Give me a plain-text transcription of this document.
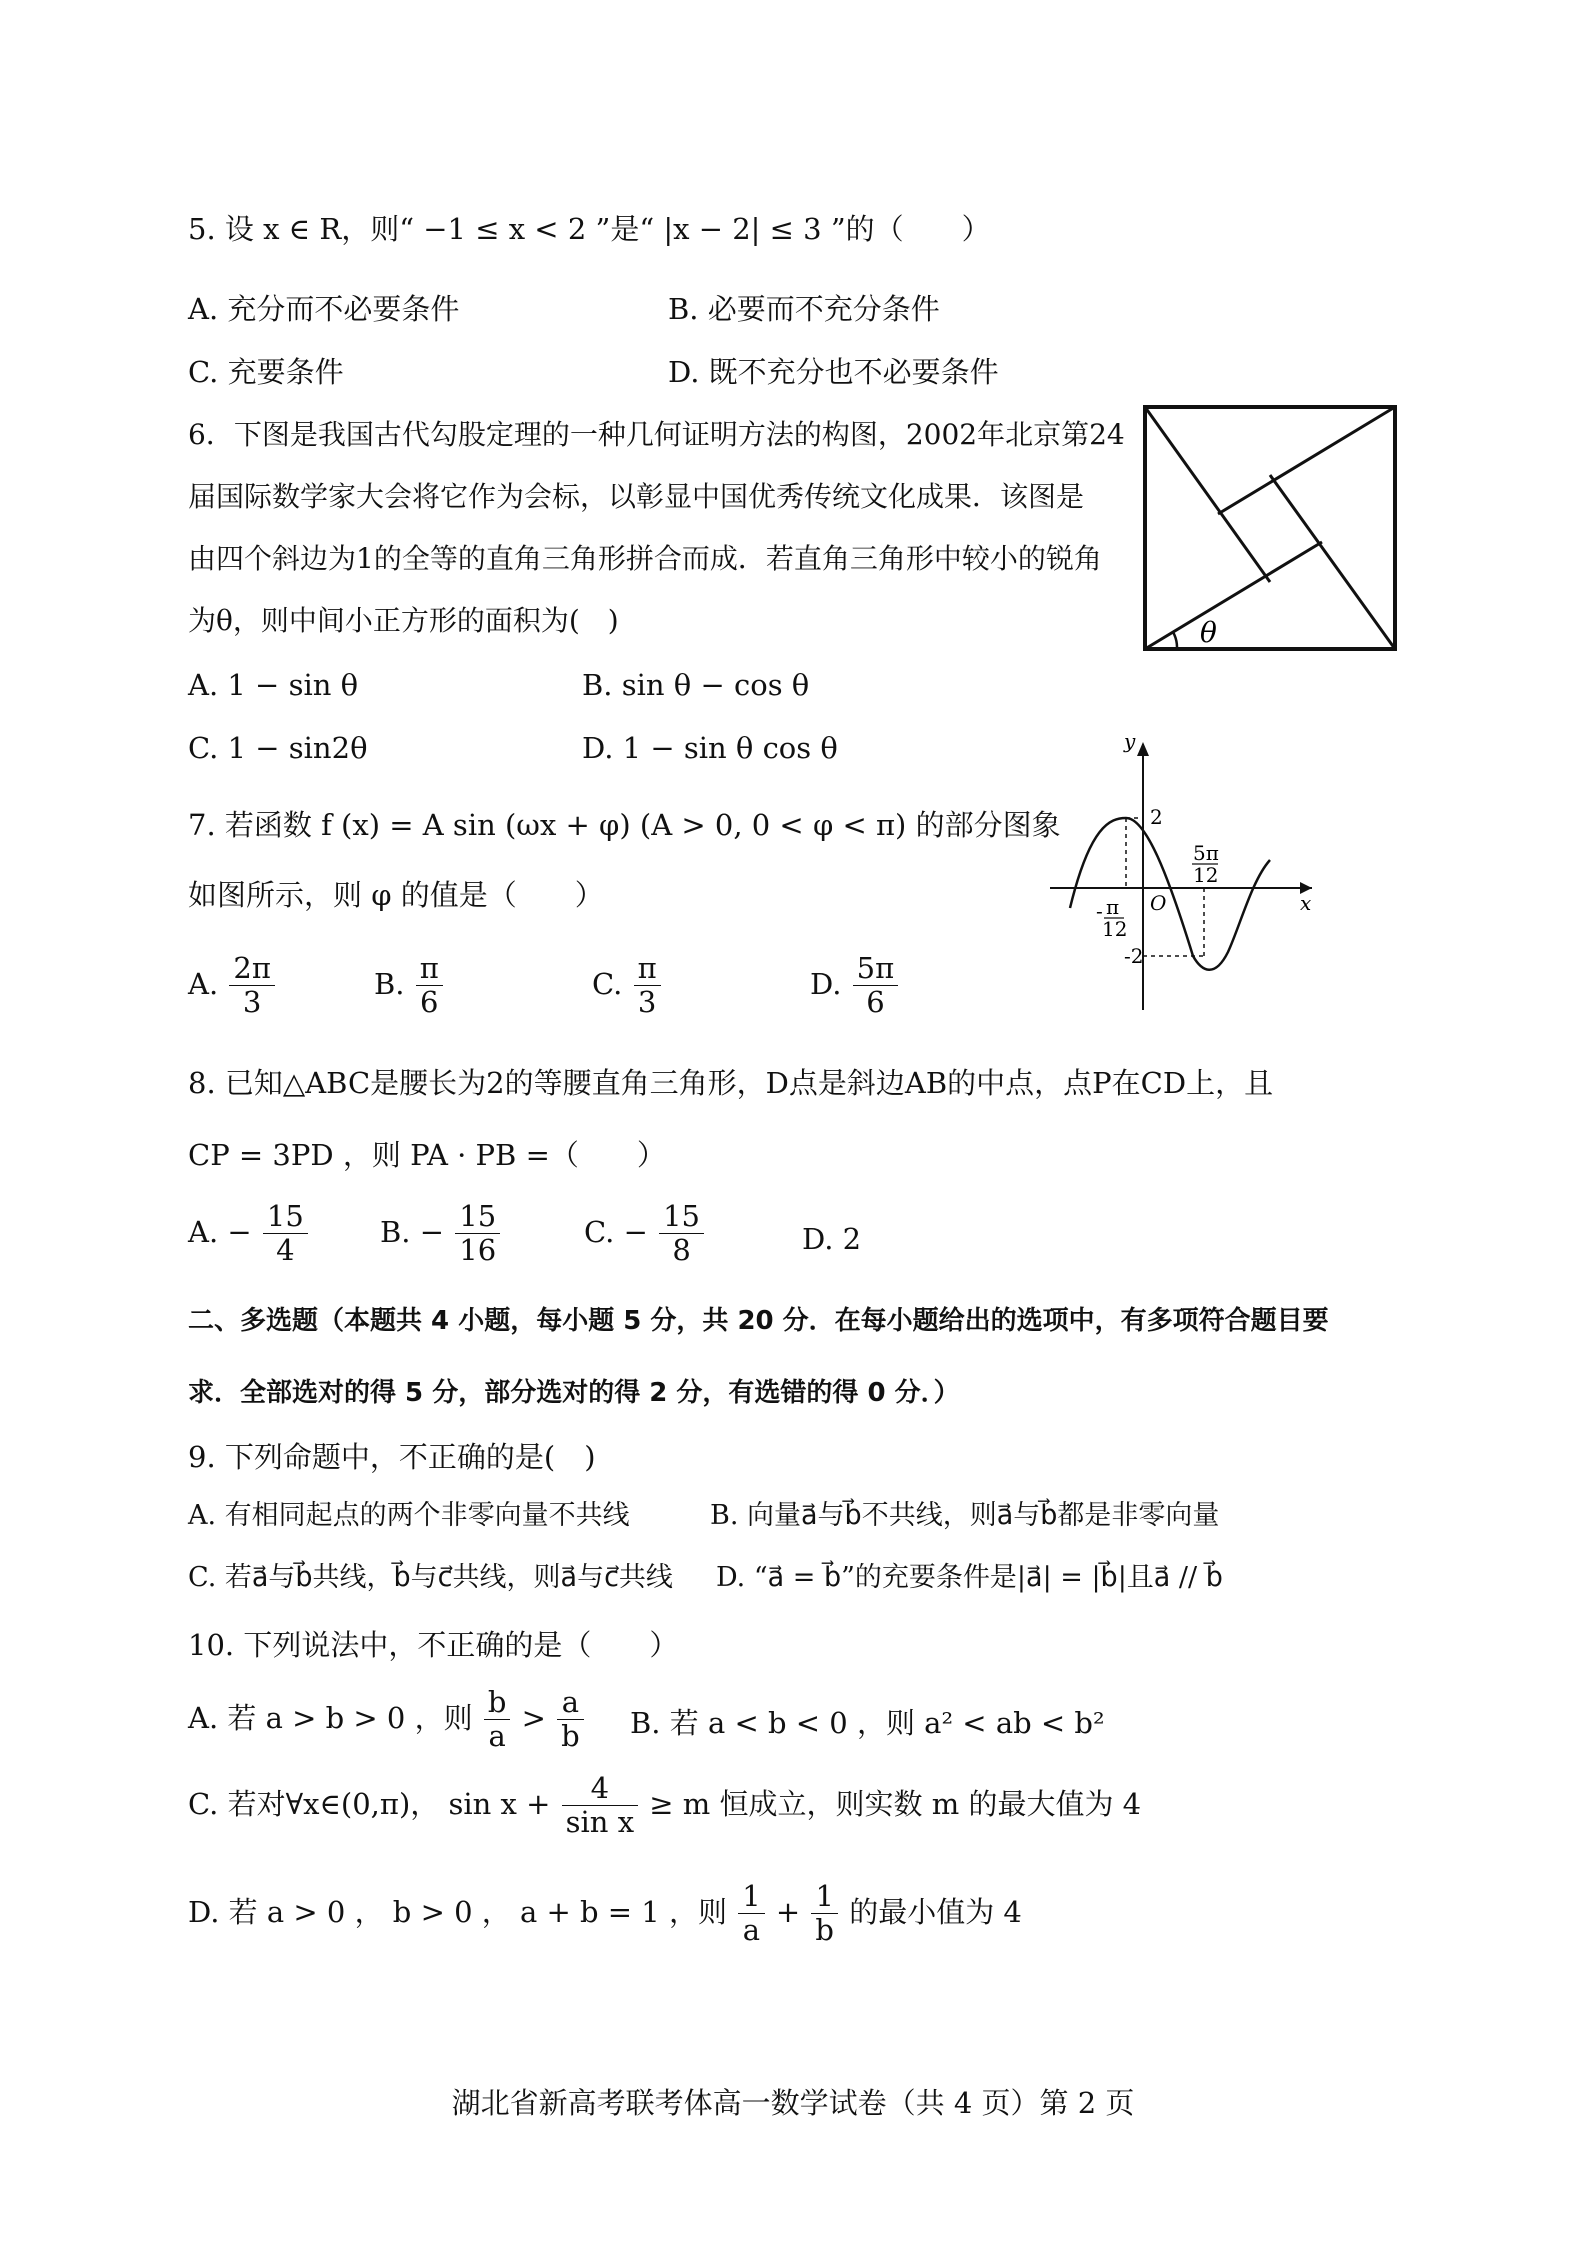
5. 设 x ∈ R，则“ −1 ≤ x < 2 ”是“ |x − 2| ≤ 3 ”的（　　）
A. 充分而不必要条件	B. 必要而不充分条件
C. 充要条件	D. 既不充分也不必要条件
6．下图是我国古代勾股定理的一种几何证明方法的构图，2002年北京第24
届国际数学家大会将它作为会标，以彰显中国优秀传统文化成果．该图是
由四个斜边为1的全等的直角三角形拼合而成．若直角三角形中较小的锐角
为θ，则中间小正方形的面积为(　)	θ
A. 1 − sin θ	B. sin θ − cos θ
C. 1 − sin2θ	D. 1 − sin θ cos θ
7. 若函数 f (x) = A sin (ωx + φ) (A > 0, 0 < φ < π) 的部分图象
如图所示，则 φ 的值是（　　）
y
x
O
2
-2
- π
12
5π
12
A. $\frac{2\pi}{3}$	B. $\frac{\pi}{6}$	C. $\frac{\pi}{3}$	D. $\frac{5\pi}{6}$
8. 已知△ABC是腰长为2的等腰直角三角形，D点是斜边AB的中点，点P在CD上，且
CP = 3PD ，则 PA · PB =（　　）
A. − $\frac{15}{4} B$. − $\frac{15}{16}$	C. − $\frac{15}{8}$	D. 2
二、多选题（本题共 4 小题，每小题 5 分，共 20 分．在每小题给出的选项中，有多项符合题目要
求．全部选对的得 5 分，部分选对的得 2 分，有选错的得 0 分．）
9. 下列命题中，不正确的是(　)
A. 有相同起点的两个非零向量不共线	B. 向量a⃗与b⃗不共线，则a⃗与b⃗都是非零向量
C. 若a⃗与b⃗共线，b⃗与c⃗共线，则a⃗与c⃗共线 D. “a⃗ = b⃗”的充要条件是|a⃗| = |b⃗|且a⃗ // b⃗
10. 下列说法中，不正确的是（　　）
A. 若 a > b > 0 ，则 $\frac{b}{a} > \frac{a}{b} B$. 若 a < b < 0 ，则 a² < ab < b²
C. 若对∀x∈(0,π)， $\sin x + \frac{4}{\text{sin x}} \ge m$ 恒成立，则实数 m 的最大值为 4
D. 若 a > 0 ， b > 0 ， a + b = 1 ，则 $\frac{1}{a} + \frac{1}{b}$ 的最小值为 4
湖北省新高考联考体高一数学试卷（共 4 页）第 2 页
